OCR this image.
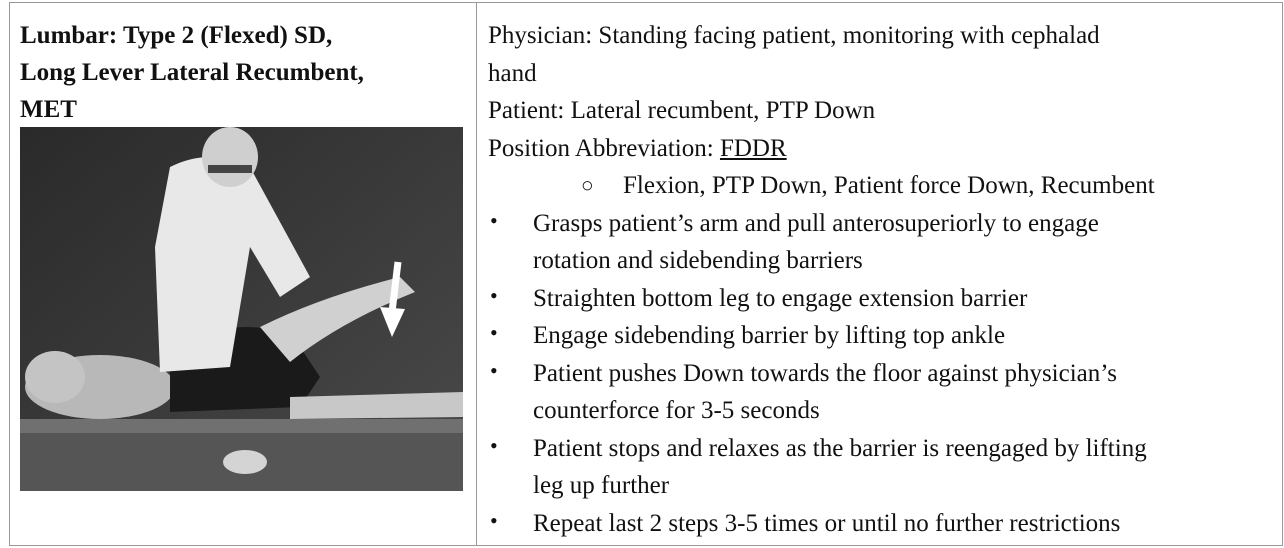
Lumbar: Type 2 (Flexed) SD,
Long Lever Lateral Recumbent,
MET
Physician: Standing facing patient, monitoring with cephalad
hand
Patient: Lateral recumbent, PTP Down
Position Abbreviation: FDDR
○ Flexion, PTP Down, Patient force Down, Recumbent
• Grasps patient’s arm and pull anterosuperiorly to engage
rotation and sidebending barriers
• Straighten bottom leg to engage extension barrier
• Engage sidebending barrier by lifting top ankle
• Patient pushes Down towards the floor against physician’s
counterforce for 3-5 seconds
• Patient stops and relaxes as the barrier is reengaged by lifting
leg up further
• Repeat last 2 steps 3-5 times or until no further restrictions
